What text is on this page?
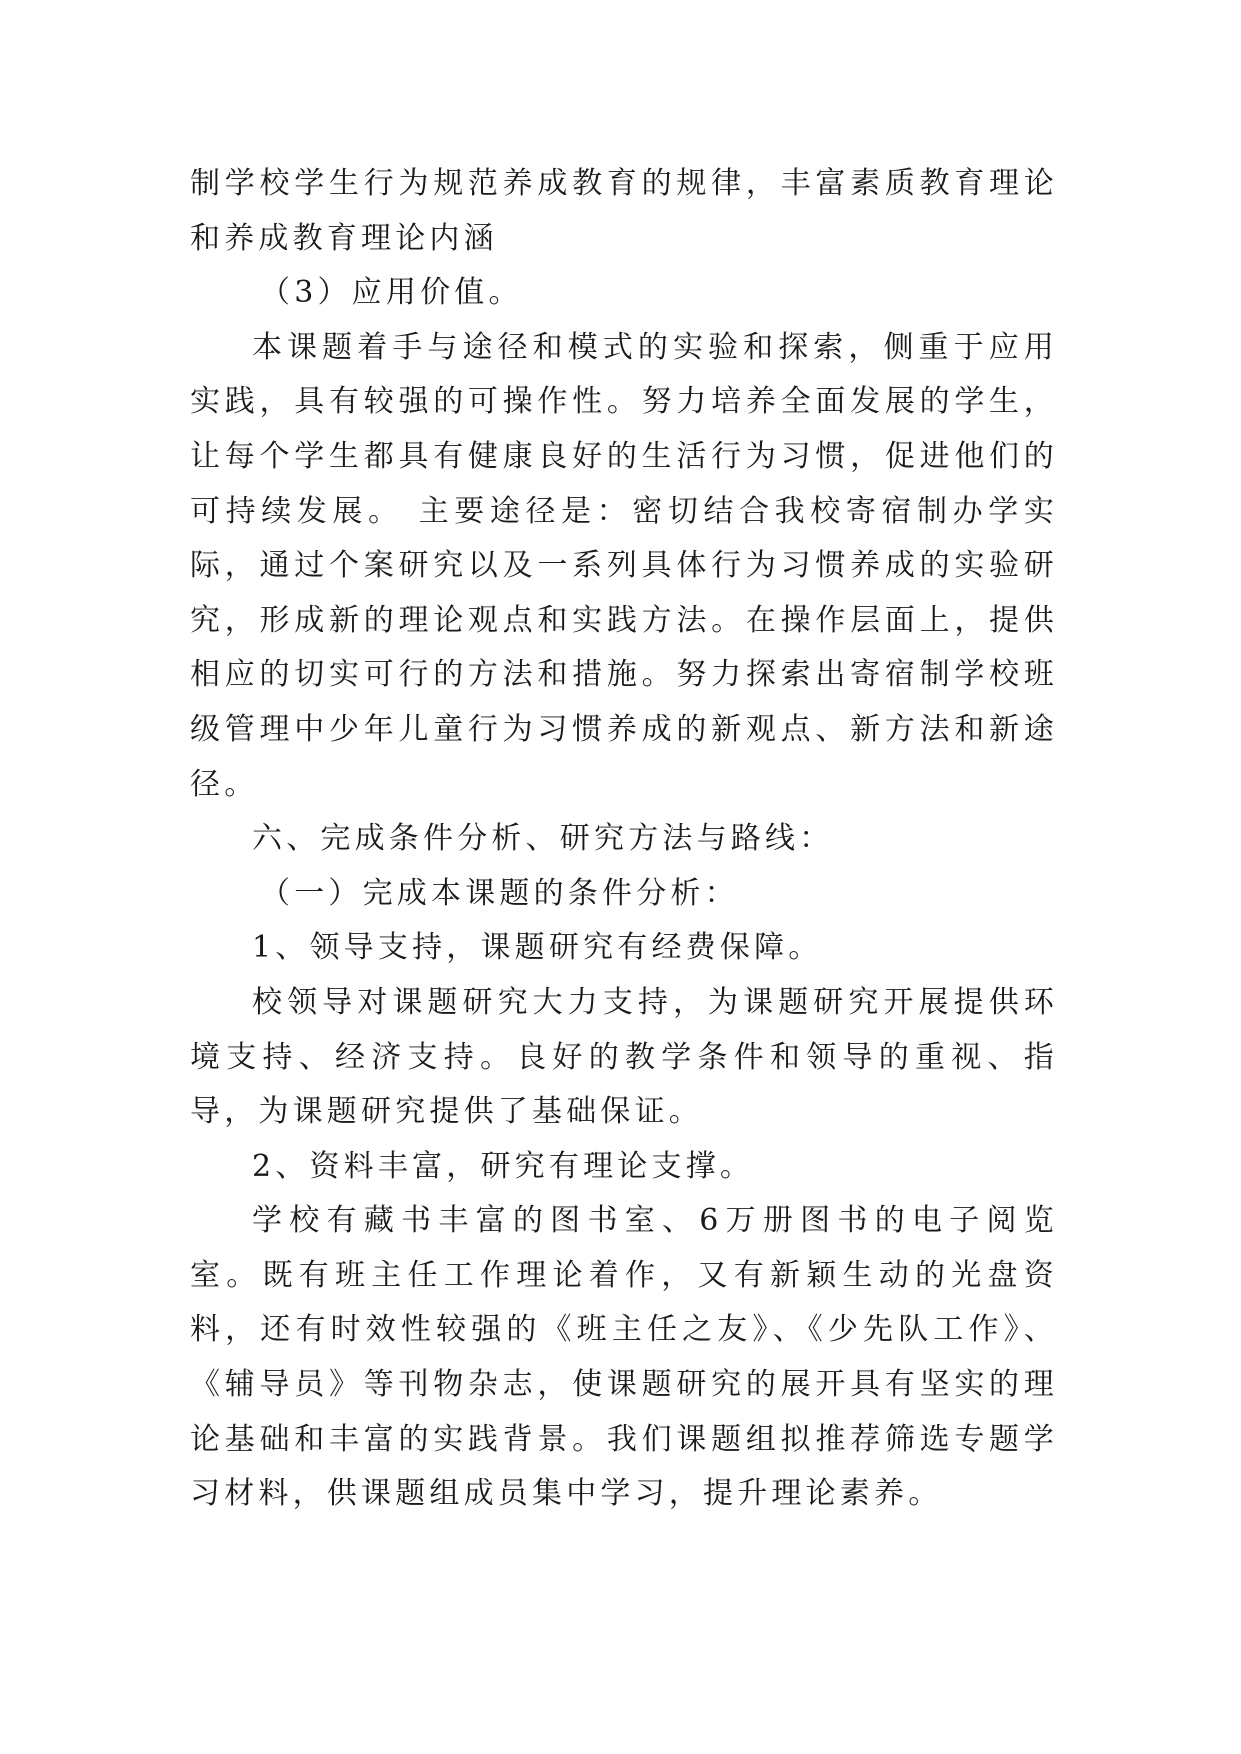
制学校学生行为规范养成教育的规律，丰富素质教育理论和养成教育理论内涵

（3）应用价值。

本课题着手与途径和模式的实验和探索，侧重于应用实践，具有较强的可操作性。努力培养全面发展的学生，让每个学生都具有健康良好的生活行为习惯，促进他们的可持续发展。 主要途径是：密切结合我校寄宿制办学实际，通过个案研究以及一系列具体行为习惯养成的实验研究，形成新的理论观点和实践方法。在操作层面上，提供相应的切实可行的方法和措施。努力探索出寄宿制学校班级管理中少年儿童行为习惯养成的新观点、新方法和新途径。

六、完成条件分析、研究方法与路线：

（一）完成本课题的条件分析：

1、领导支持，课题研究有经费保障。

校领导对课题研究大力支持，为课题研究开展提供环境支持、经济支持。良好的教学条件和领导的重视、指导，为课题研究提供了基础保证。

2、资料丰富，研究有理论支撑。

学校有藏书丰富的图书室、6万册图书的电子阅览室。既有班主任工作理论着作，又有新颖生动的光盘资料，还有时效性较强的《班主任之友》、《少先队工作》、《辅导员》等刊物杂志，使课题研究的展开具有坚实的理论基础和丰富的实践背景。我们课题组拟推荐筛选专题学习材料，供课题组成员集中学习，提升理论素养。
